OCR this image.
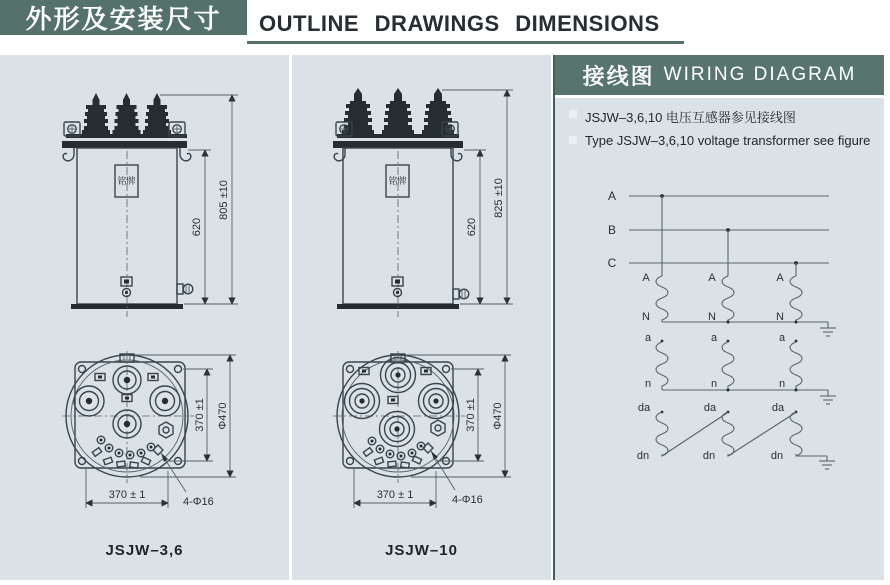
外形及安装尺寸 OUTLINE DRAWINGS DIMENSIONS
铭牌
620
805 ±10
370 ±1 Φ470
370 ± 1
4-Φ16
JSJW–3,6
铭牌
620
825 ±10
370 ±1 Φ470
370 ± 1	4-Φ16
JSJW–10
接线图 WIRING DIAGRAM
JSJW–3,6,10 电压互感器参见接线图
Type JSJW–3,6,10 voltage transformer see figure
A
B
C
A	A	A
N	N	N
a	a	a
n	n	n
da	da	da
dn	dn	dn
